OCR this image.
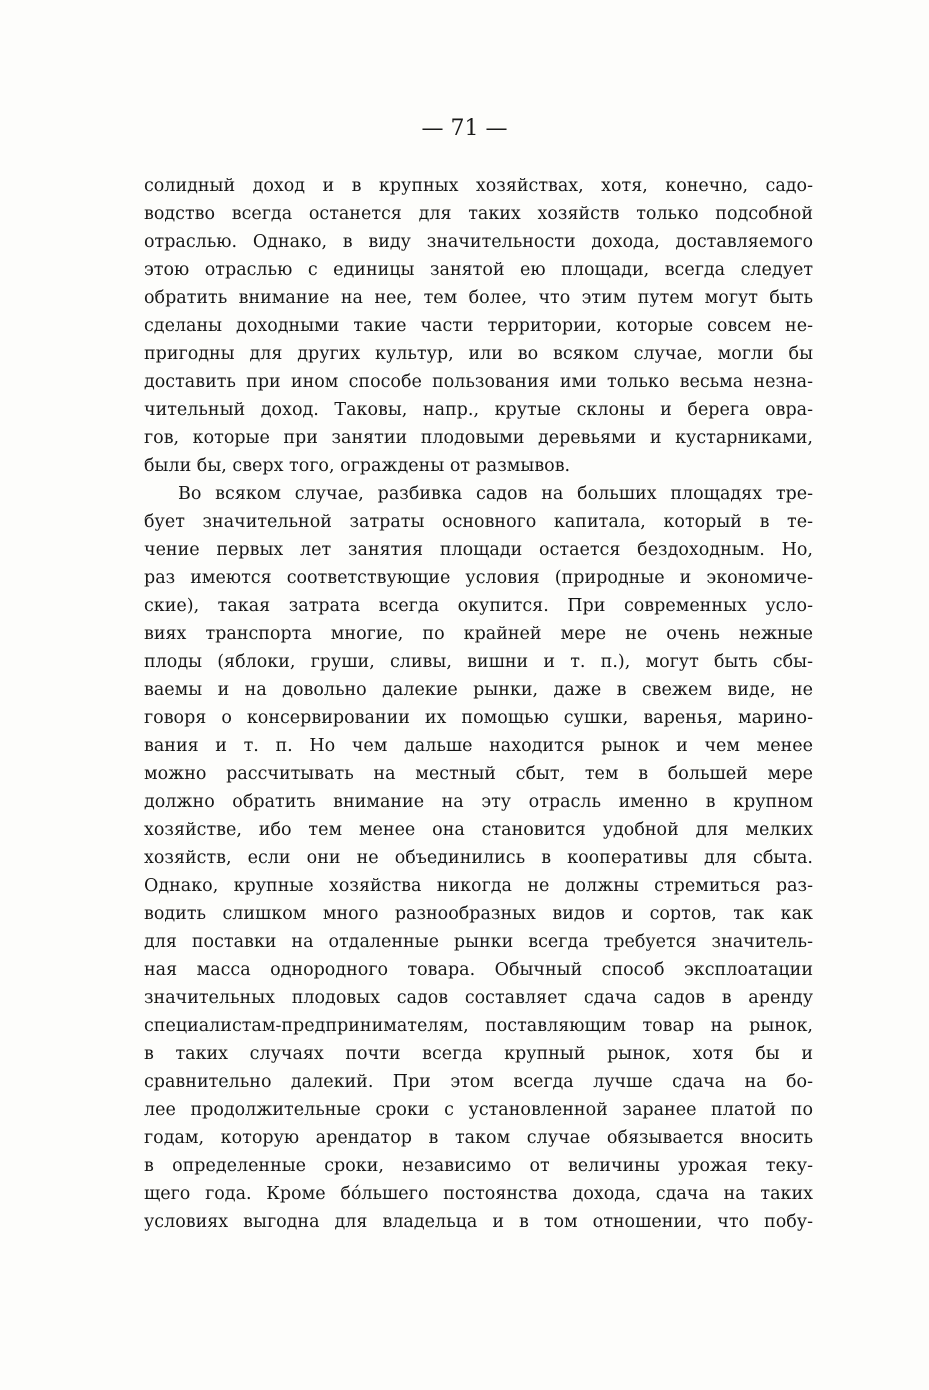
— 71 —
солидный доход и в крупных хозяйствах, хотя, конечно, садо-
водство всегда останется для таких хозяйств только подсобной
отраслью. Однако, в виду значительности дохода, доставляемого
этою отраслью с единицы занятой ею площади, всегда следует
обратить внимание на нее, тем более, что этим путем могут быть
сделаны доходными такие части территории, которые совсем не-
пригодны для других культур, или во всяком случае, могли бы
доставить при ином способе пользования ими только весьма незна-
чительный доход. Таковы, напр., крутые склоны и берега овра-
гов, которые при занятии плодовыми деревьями и кустарниками,
были бы, сверх того, ограждены от размывов.
Во всяком случае, разбивка садов на больших площадях тре-
бует значительной затраты основного капитала, который в те-
чение первых лет занятия площади остается бездоходным. Но,
раз имеются соответствующие условия (природные и экономиче-
ские), такая затрата всегда окупится. При современных усло-
виях транспорта многие, по крайней мере не очень нежные
плоды (яблоки, груши, сливы, вишни и т. п.), могут быть сбы-
ваемы и на довольно далекие рынки, даже в свежем виде, не
говоря о консервировании их помощью сушки, варенья, марино-
вания и т. п. Но чем дальше находится рынок и чем менее
можно рассчитывать на местный сбыт, тем в большей мере
должно обратить внимание на эту отрасль именно в крупном
хозяйстве, ибо тем менее она становится удобной для мелких
хозяйств, если они не объединились в кооперативы для сбыта.
Однако, крупные хозяйства никогда не должны стремиться раз-
водить слишком много разнообразных видов и сортов, так как
для поставки на отдаленные рынки всегда требуется значитель-
ная масса однородного товара. Обычный способ эксплоатации
значительных плодовых садов составляет сдача садов в аренду
специалистам-предпринимателям, поставляющим товар на рынок,
в таких случаях почти всегда крупный рынок, хотя бы и
сравнительно далекий. При этом всегда лучше сдача на бо-
лее продолжительные сроки с установленной заранее платой по
годам, которую арендатор в таком случае обязывается вносить
в определенные сроки, независимо от величины урожая теку-
щего года. Кроме бо́льшего постоянства дохода, сдача на таких
условиях выгодна для владельца и в том отношении, что побу-
